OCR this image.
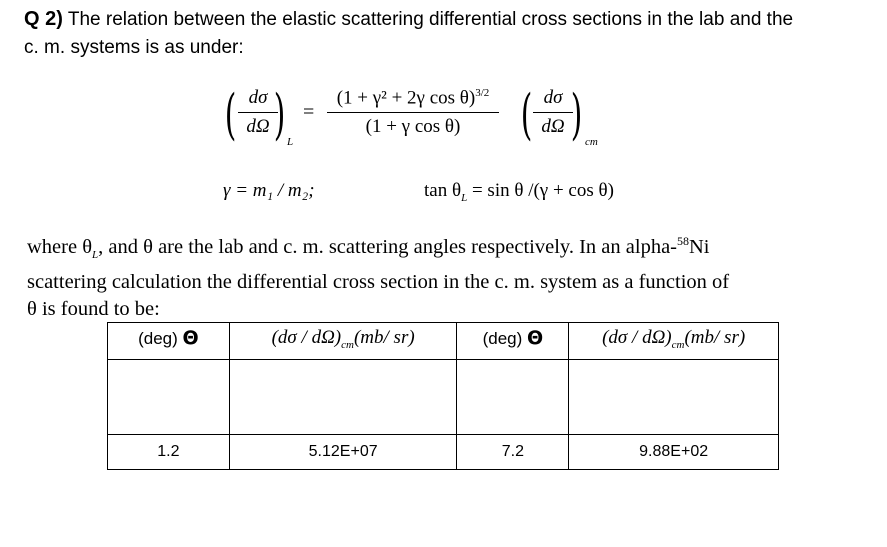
Q 2) The relation between the elastic scattering differential cross sections in the lab and the
c. m. systems is as under:
( dσ
dΩ ) L
=
(1 + γ² + 2γ cos θ)$^{3/2}$
(1 + γ cos θ)	( dσ
dΩ ) cm
γ = m₁ / m₂;	$\tan \theta_L = \sin \theta$ /(γ + cos θ)
where $\theta_L$, and θ are the lab and c. m. scattering angles respectively. In an alpha-$^{58}$Ni
scattering calculation the differential cross section in the c. m. system as a function of
θ is found to be:
(deg) Θ	$(d\sigma / d\Omega)_{cm}(mb/$ sr)	(deg) Θ	$(d\sigma / d\Omega)_{cm}(mb/$ sr)

1.2	5.12E+07	7.2	9.88E+02
